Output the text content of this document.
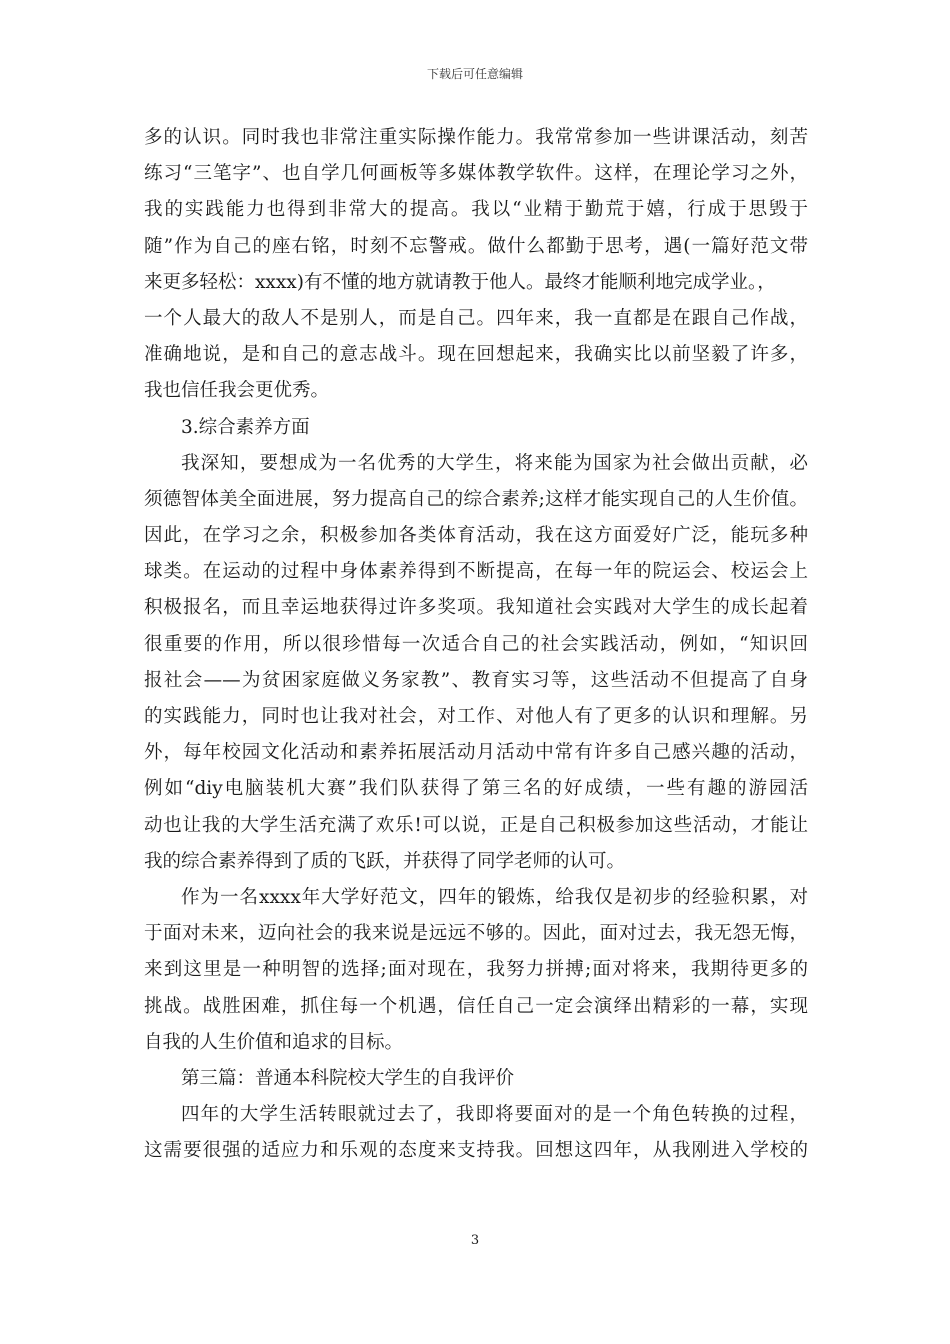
下载后可任意编辑
多的认识。同时我也非常注重实际操作能力。我常常参加一些讲课活动，刻苦
练习“三笔字”、也自学几何画板等多媒体教学软件。这样，在理论学习之外，
我的实践能力也得到非常大的提高。我以“业精于勤荒于嬉，行成于思毁于
随”作为自己的座右铭，时刻不忘警戒。做什么都勤于思考，遇(一篇好范文带
来更多轻松：xxxx)有不懂的地方就请教于他人。最终才能顺利地完成学业。，
一个人最大的敌人不是别人，而是自己。四年来，我一直都是在跟自己作战，
准确地说，是和自己的意志战斗。现在回想起来，我确实比以前坚毅了许多，
我也信任我会更优秀。
3.综合素养方面
我深知，要想成为一名优秀的大学生，将来能为国家为社会做出贡献，必
须德智体美全面进展，努力提高自己的综合素养;这样才能实现自己的人生价值。
因此，在学习之余，积极参加各类体育活动，我在这方面爱好广泛，能玩多种
球类。在运动的过程中身体素养得到不断提高，在每一年的院运会、校运会上
积极报名，而且幸运地获得过许多奖项。我知道社会实践对大学生的成长起着
很重要的作用，所以很珍惜每一次适合自己的社会实践活动，例如，“知识回
报社会——为贫困家庭做义务家教”、教育实习等，这些活动不但提高了自身
的实践能力，同时也让我对社会，对工作、对他人有了更多的认识和理解。另
外，每年校园文化活动和素养拓展活动月活动中常有许多自己感兴趣的活动，
例如“diy电脑装机大赛”我们队获得了第三名的好成绩，一些有趣的游园活
动也让我的大学生活充满了欢乐!可以说，正是自己积极参加这些活动，才能让
我的综合素养得到了质的飞跃，并获得了同学老师的认可。
作为一名xxxx年大学好范文，四年的锻炼，给我仅是初步的经验积累，对
于面对未来，迈向社会的我来说是远远不够的。因此，面对过去，我无怨无悔，
来到这里是一种明智的选择;面对现在，我努力拼搏;面对将来，我期待更多的
挑战。战胜困难，抓住每一个机遇，信任自己一定会演绎出精彩的一幕，实现
自我的人生价值和追求的目标。
第三篇：普通本科院校大学生的自我评价
四年的大学生活转眼就过去了，我即将要面对的是一个角色转换的过程，
这需要很强的适应力和乐观的态度来支持我。回想这四年，从我刚进入学校的
3
